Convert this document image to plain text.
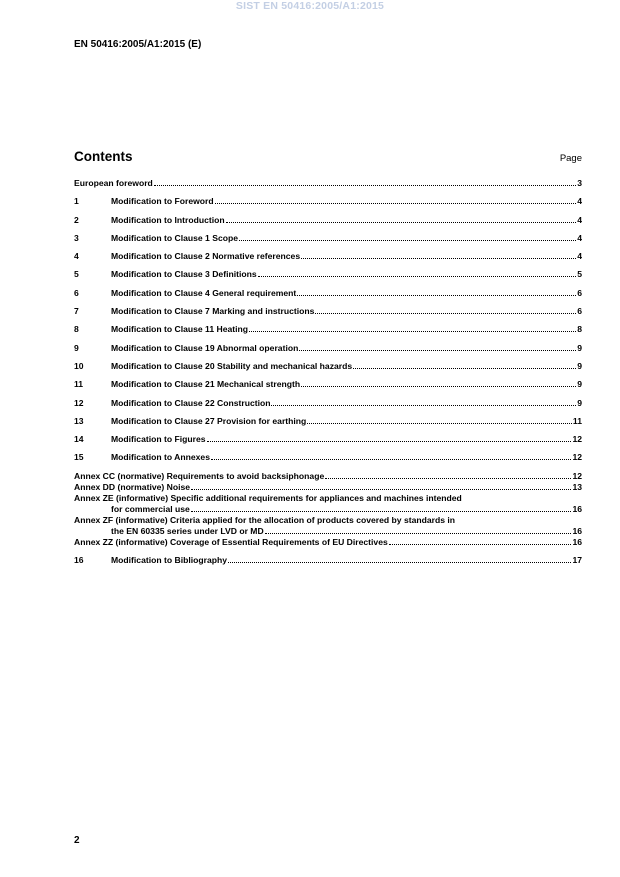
SIST EN 50416:2005/A1:2015
EN 50416:2005/A1:2015 (E)
Contents	Page
European foreword	3
1	Modification to Foreword	4
2	Modification to Introduction	4
3	Modification to Clause 1 Scope	4
4	Modification to Clause 2 Normative references	4
5	Modification to Clause 3 Definitions	5
6	Modification to Clause 4 General requirement	6
7	Modification to Clause 7 Marking and instructions	6
8	Modification to Clause 11 Heating	8
9	Modification to Clause 19 Abnormal operation	9
10	Modification to Clause 20 Stability and mechanical hazards	9
11	Modification to Clause 21 Mechanical strength	9
12	Modification to Clause 22 Construction	9
13	Modification to Clause 27 Provision for earthing	11
14	Modification to Figures	12
15	Modification to Annexes	12
Annex CC (normative) Requirements to avoid backsiphonage	12
Annex DD (normative) Noise	13
Annex ZE (informative) Specific additional requirements for appliances and machines intended
for commercial use	16
Annex ZF (informative) Criteria applied for the allocation of products covered by standards in
the EN 60335 series under LVD or MD	16
Annex ZZ (informative) Coverage of Essential Requirements of EU Directives	16
16	Modification to Bibliography	17
2
